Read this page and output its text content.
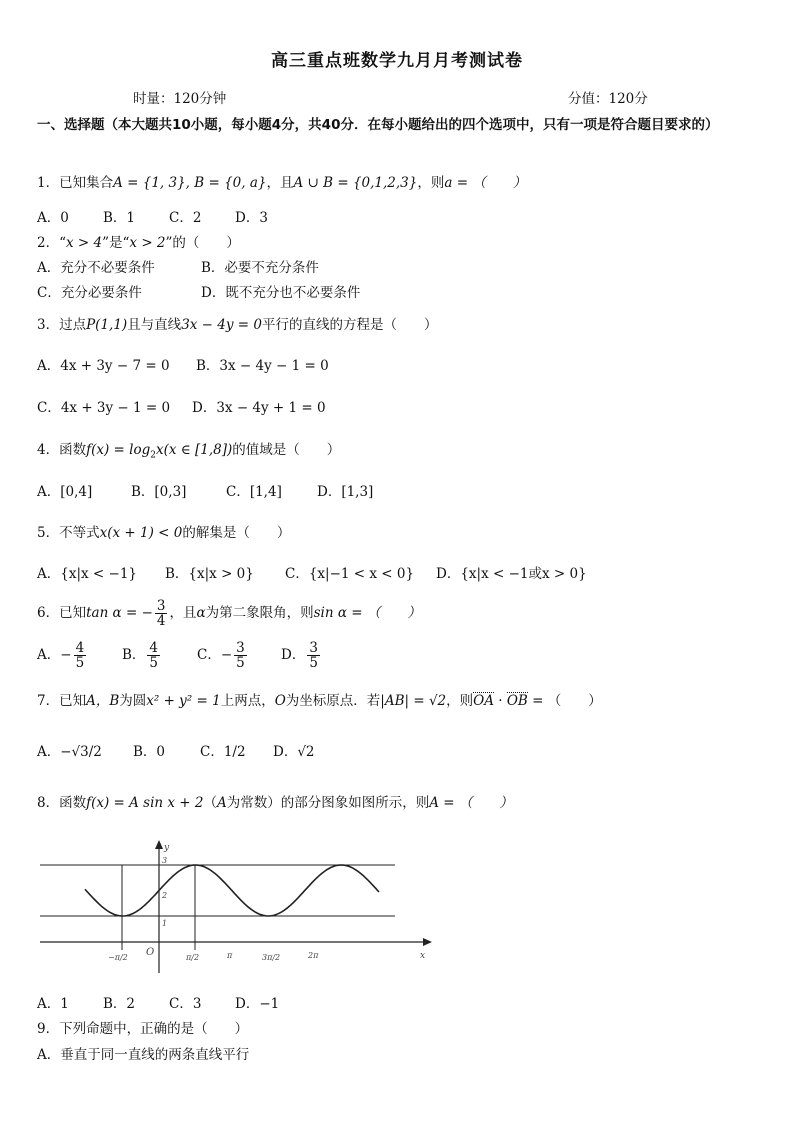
高三重点班数学九月月考测试卷
时量：120分钟	分值：120分
一、选择题（本大题共10小题，每小题4分，共40分．在每小题给出的四个选项中，只有一项是符合题目要求的）
1．已知集合A = {1, 3}, B = {0, a}，且A ∪ B = {0,1,2,3}，则a = （　　）
A．0	B．1	C．2 D．3
2．“x > 4”是“x > 2”的（　　）
A．充分不必要条件	B．必要不充分条件
C．充分必要条件	D．既不充分也不必要条件
3．过点P(1,1)且与直线3x − 4y = 0平行的直线的方程是（　　）
A．4x + 3y − 7 = 0 B．3x − 4y − 1 = 0
C．4x + 3y − 1 = 0 D．3x − 4y + 1 = 0
4．函数$f(x) = \log_2x(x$ ∈ [1,8])的值域是（　　）
A．[0,4]	B．[0,3]	C．[1,4]	D．[1,3]
5．不等式x(x + 1) < 0的解集是（　　）
A．{x|x < −1} B．{x|x > 0} C．{x|−1 < x < 0} D．{x|x < −1或x > 0}
6．已知tan α = − $\frac{3}{4}$ ，且α为第二象限角，则sin α = （　　）
A．− $\frac{4}{5}$	B． $\frac{4}{5}$	C．− $\frac{3}{5}$	D． $\frac{3}{5}$
7．已知A，B为圆x² + y² = 1上两点，O为坐标原点．若|AB| = √2，则OA · OB = （　　）
A．−√3/2 B．0	C．1/2 D．√2
8．函数f(x) = A sin x + 2（A为常数）的部分图象如图所示，则A = （　　）
y
x
O
3
2
1
−π/2	π/2	π	3π/2	2π
A．1	B．2	C．3 D．−1
9．下列命题中，正确的是（　　）
A．垂直于同一直线的两条直线平行
